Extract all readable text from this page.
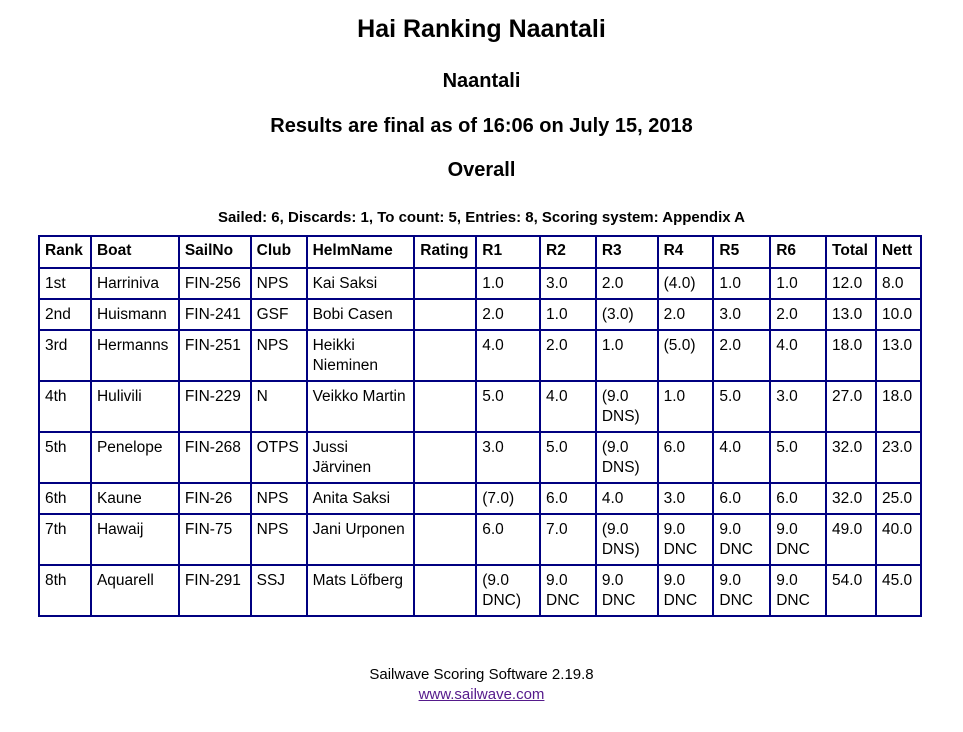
Hai Ranking Naantali
Naantali
Results are final as of 16:06 on July 15, 2018
Overall
Sailed: 6, Discards: 1, To count: 5, Entries: 8, Scoring system: Appendix A
Rank	Boat	SailNo	Club	HelmName	Rating	R1	R2	R3	R4	R5	R6	Total	Nett
1st	Harriniva	FIN-256	NPS	Kai Saksi		1.0	3.0	2.0	(4.0)	1.0	1.0	12.0	8.0
2nd	Huismann	FIN-241	GSF	Bobi Casen		2.0	1.0	(3.0)	2.0	3.0	2.0	13.0	10.0
3rd	Hermanns	FIN-251	NPS	Heikki Nieminen		4.0	2.0	1.0	(5.0)	2.0	4.0	18.0	13.0
4th	Hulivili	FIN-229	N	Veikko Martin		5.0	4.0	(9.0 DNS)	1.0	5.0	3.0	27.0	18.0
5th	Penelope	FIN-268	OTPS	Jussi Järvinen		3.0	5.0	(9.0 DNS)	6.0	4.0	5.0	32.0	23.0
6th	Kaune	FIN-26	NPS	Anita Saksi		(7.0)	6.0	4.0	3.0	6.0	6.0	32.0	25.0
7th	Hawaij	FIN-75	NPS	Jani Urponen		6.0	7.0	(9.0 DNS)	9.0 DNC	9.0 DNC	9.0 DNC	49.0	40.0
8th	Aquarell	FIN-291	SSJ	Mats Löfberg		(9.0 DNC)	9.0 DNC	9.0 DNC	9.0 DNC	9.0 DNC	9.0 DNC	54.0	45.0
Sailwave Scoring Software 2.19.8
www.sailwave.com
